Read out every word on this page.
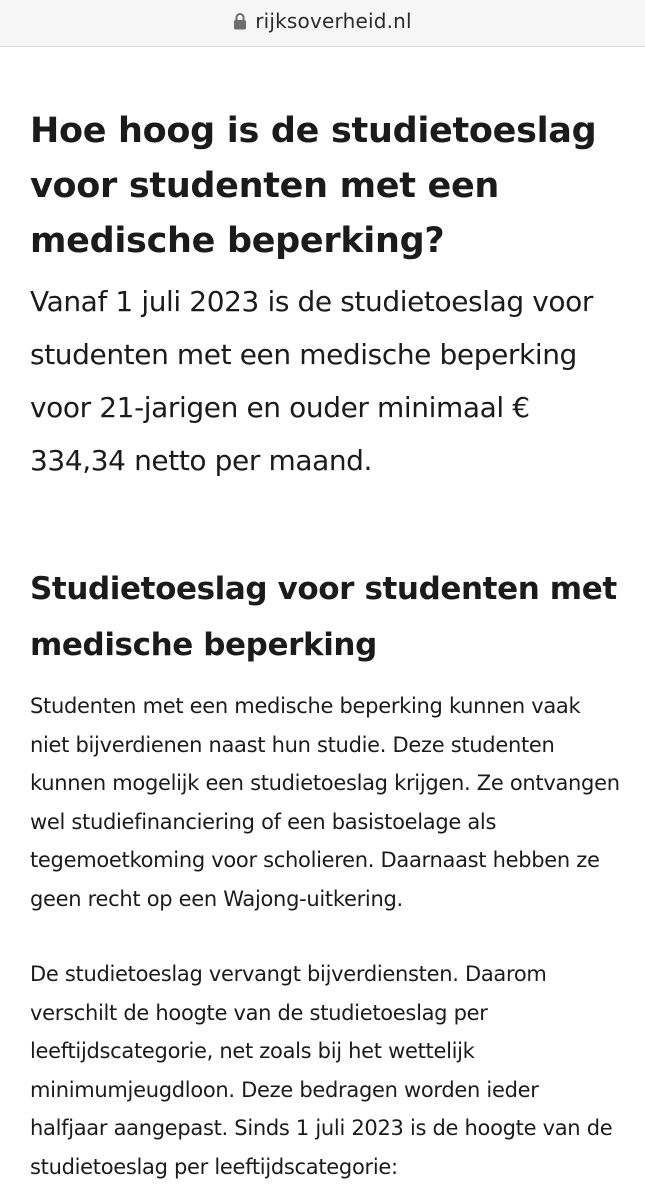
rijksoverheid.nl
Hoe hoog is de studietoeslag voor studenten met een medische beperking?

Vanaf 1 juli 2023 is de studietoeslag voor studenten met een medische beperking voor 21-jarigen en ouder minimaal € 334,34 netto per maand.

Studietoeslag voor studenten met medische beperking

Studenten met een medische beperking kunnen vaak niet bijverdienen naast hun studie. Deze studenten kunnen mogelijk een studietoeslag krijgen. Ze ontvangen wel studiefinanciering of een basistoelage als tegemoetkoming voor scholieren. Daarnaast hebben ze geen recht op een Wajong-uitkering.

De studietoeslag vervangt bijverdiensten. Daarom verschilt de hoogte van de studietoeslag per leeftijdscategorie, net zoals bij het wettelijk minimumjeugdloon. Deze bedragen worden ieder halfjaar aangepast. Sinds 1 juli 2023 is de hoogte van de studietoeslag per leeftijdscategorie:
